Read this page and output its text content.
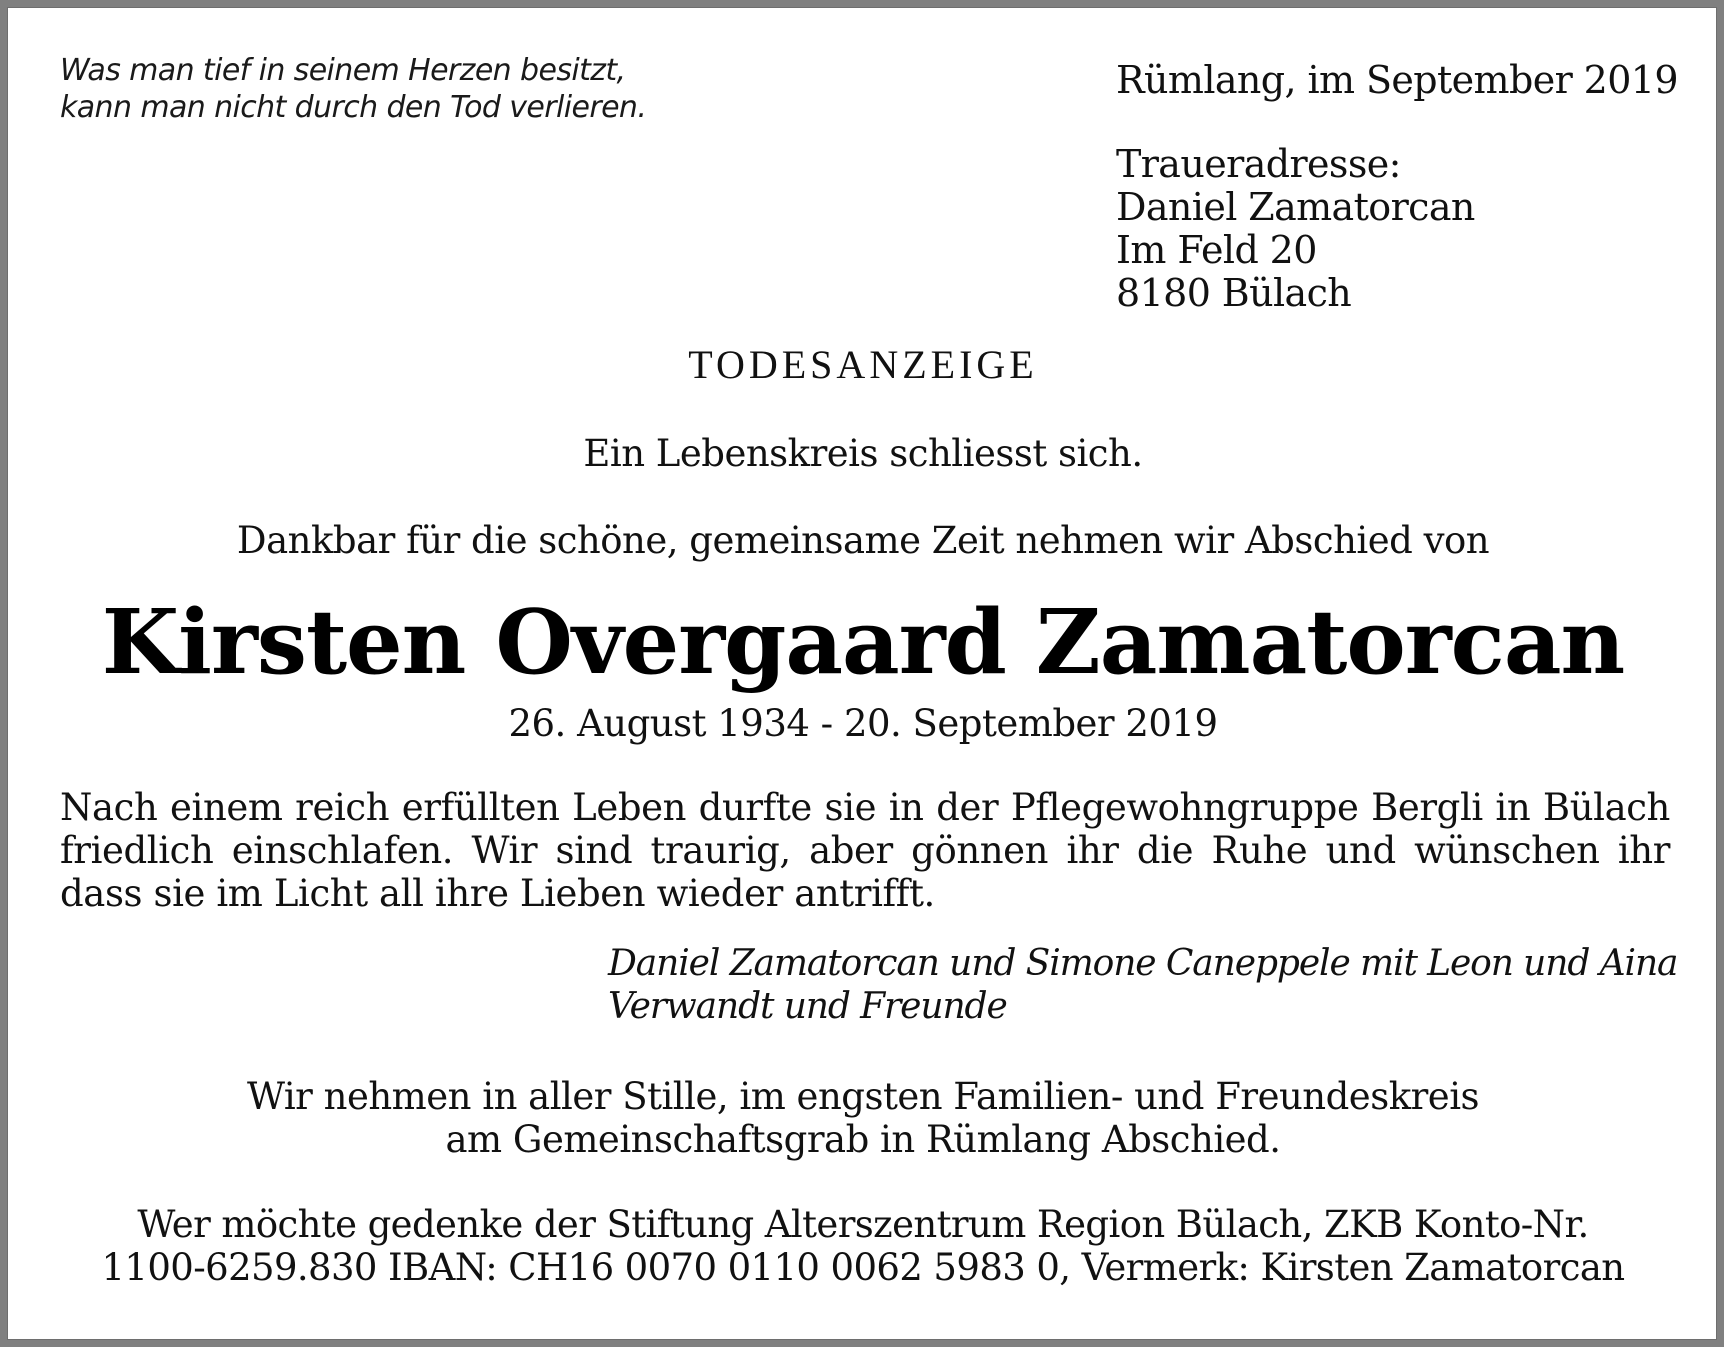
Was man tief in seinem Herzen besitzt,
kann man nicht durch den Tod verlieren.

Rümlang, im September 2019

Traueradresse:
Daniel Zamatorcan
Im Feld 20
8180 Bülach
TODESANZEIGE

Ein Lebenskreis schliesst sich.

Dankbar für die schöne, gemeinsame Zeit nehmen wir Abschied von

Kirsten Overgaard Zamatorcan

26. August 1934 - 20. September 2019

Nach einem reich erfüllten Leben durfte sie in der Pflegewohngruppe Bergli in Bülach friedlich einschlafen. Wir sind traurig, aber gönnen ihr die Ruhe und wünschen ihr dass sie im Licht all ihre Lieben wieder antrifft.

Daniel Zamatorcan und Simone Caneppele mit Leon und Aina
Verwandt und Freunde
Wir nehmen in aller Stille, im engsten Familien- und Freundeskreis
am Gemeinschaftsgrab in Rümlang Abschied.
Wer möchte gedenke der Stiftung Alterszentrum Region Bülach, ZKB Konto-Nr.
1100-6259.830 IBAN: CH16 0070 0110 0062 5983 0, Vermerk: Kirsten Zamatorcan
